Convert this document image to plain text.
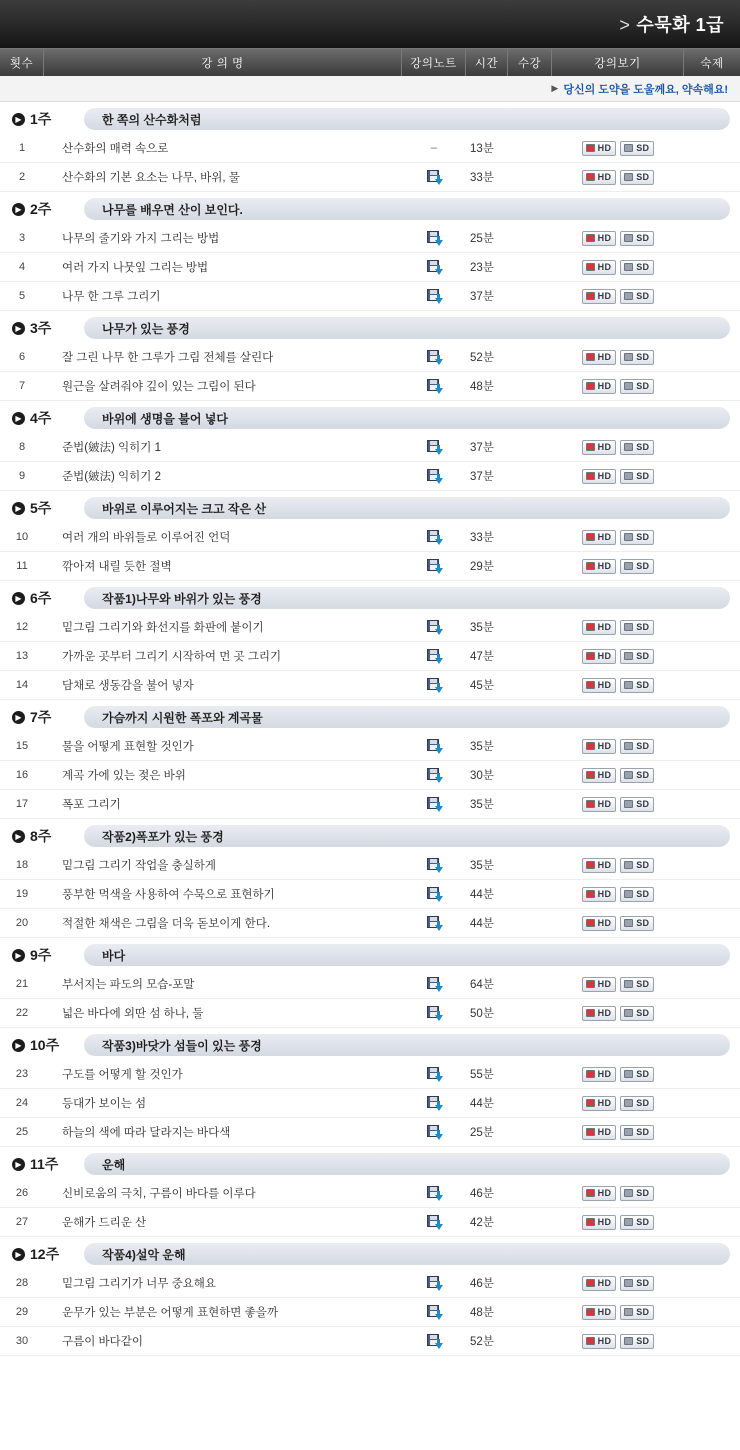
> 수묵화 1급
횟수	강 의 명	강의노트	시간	수강	강의보기	숙제
▶ 당신의 도약을 도울께요, 약속해요!
▶ 1주	한 쪽의 산수화처럼
1	산수화의 매력 속으로	–	13분	HD	SD
2	산수화의 기본 요소는 나무, 바위, 물	33분	HD	SD
▶ 2주	나무를 배우면 산이 보인다.
3	나무의 줄기와 가지 그리는 방법	25분	HD	SD
4	여러 가지 나뭇잎 그리는 방법	23분	HD	SD
5	나무 한 그루 그리기	37분	HD	SD
▶ 3주	나무가 있는 풍경
6	잘 그린 나무 한 그루가 그림 전체를 살린다	52분	HD	SD
7	원근을 살려줘야 깊이 있는 그림이 된다	48분	HD	SD
▶ 4주	바위에 생명을 불어 넣다
8	준법(皴法) 익히기 1	37분	HD	SD
9	준법(皴法) 익히기 2	37분	HD	SD
▶ 5주	바위로 이루어지는 크고 작은 산
10	여러 개의 바위들로 이루어진 언덕	33분	HD	SD
11	깎아져 내릴 듯한 절벽	29분	HD	SD
▶ 6주	작품1)나무와 바위가 있는 풍경
12	밑그림 그리기와 화선지를 화판에 붙이기	35분	HD	SD
13	가까운 곳부터 그리기 시작하여 먼 곳 그리기	47분	HD	SD
14	담채로 생동감을 불어 넣자	45분	HD	SD
▶ 7주	가슴까지 시원한 폭포와 계곡물
15	물을 어떻게 표현할 것인가	35분	HD	SD
16	계곡 가에 있는 젖은 바위	30분	HD	SD
17	폭포 그리기	35분	HD	SD
▶ 8주	작품2)폭포가 있는 풍경
18	밑그림 그리기 작업을 충실하게	35분	HD	SD
19	풍부한 먹색을 사용하여 수묵으로 표현하기	44분	HD	SD
20	적절한 채색은 그림을 더욱 돋보이게 한다.	44분	HD	SD
▶ 9주	바다
21	부서지는 파도의 모습-포말	64분	HD	SD
22	넓은 바다에 외딴 섬 하나, 둘	50분	HD	SD
▶ 10주	작품3)바닷가 섬들이 있는 풍경
23	구도를 어떻게 할 것인가	55분	HD	SD
24	등대가 보이는 섬	44분	HD	SD
25	하늘의 색에 따라 달라지는 바다색	25분	HD	SD
▶ 11주	운해
26	신비로움의 극치, 구름이 바다를 이루다	46분	HD	SD
27	운해가 드리운 산	42분	HD	SD
▶ 12주	작품4)설악 운해
28	밑그림 그리기가 너무 중요해요	46분	HD	SD
29	운무가 있는 부분은 어떻게 표현하면 좋을까	48분	HD	SD
30	구름이 바다같이	52분	HD	SD
